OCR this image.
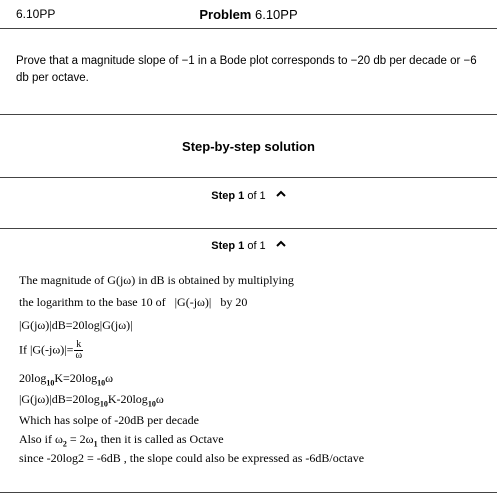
6.10PP	Problem 6.10PP
Prove that a magnitude slope of −1 in a Bode plot corresponds to −20 db per decade or −6 db per octave.
Step-by-step solution
Step 1 of 1
Step 1 of 1
The magnitude of G(jω) in dB is obtained by multiplying
the logarithm to the base 10 of |G(-jω)| by 20
|G(jω)|dB=20log|G(jω)|
If $|G(-j\omega)|= \frac{k}{\omega}$
$20\log_{10}K=20\log_{10}\omega$
$|G(j\omega)|dB=20\log_{10}K-20\log_{10}\omega$
Which has solpe of -20dB per decade
Also if $\omega_2 = 2\omega_1$ then it is called as Octave
since -20log2 = -6dB , the slope could also be expressed as -6dB/octave
